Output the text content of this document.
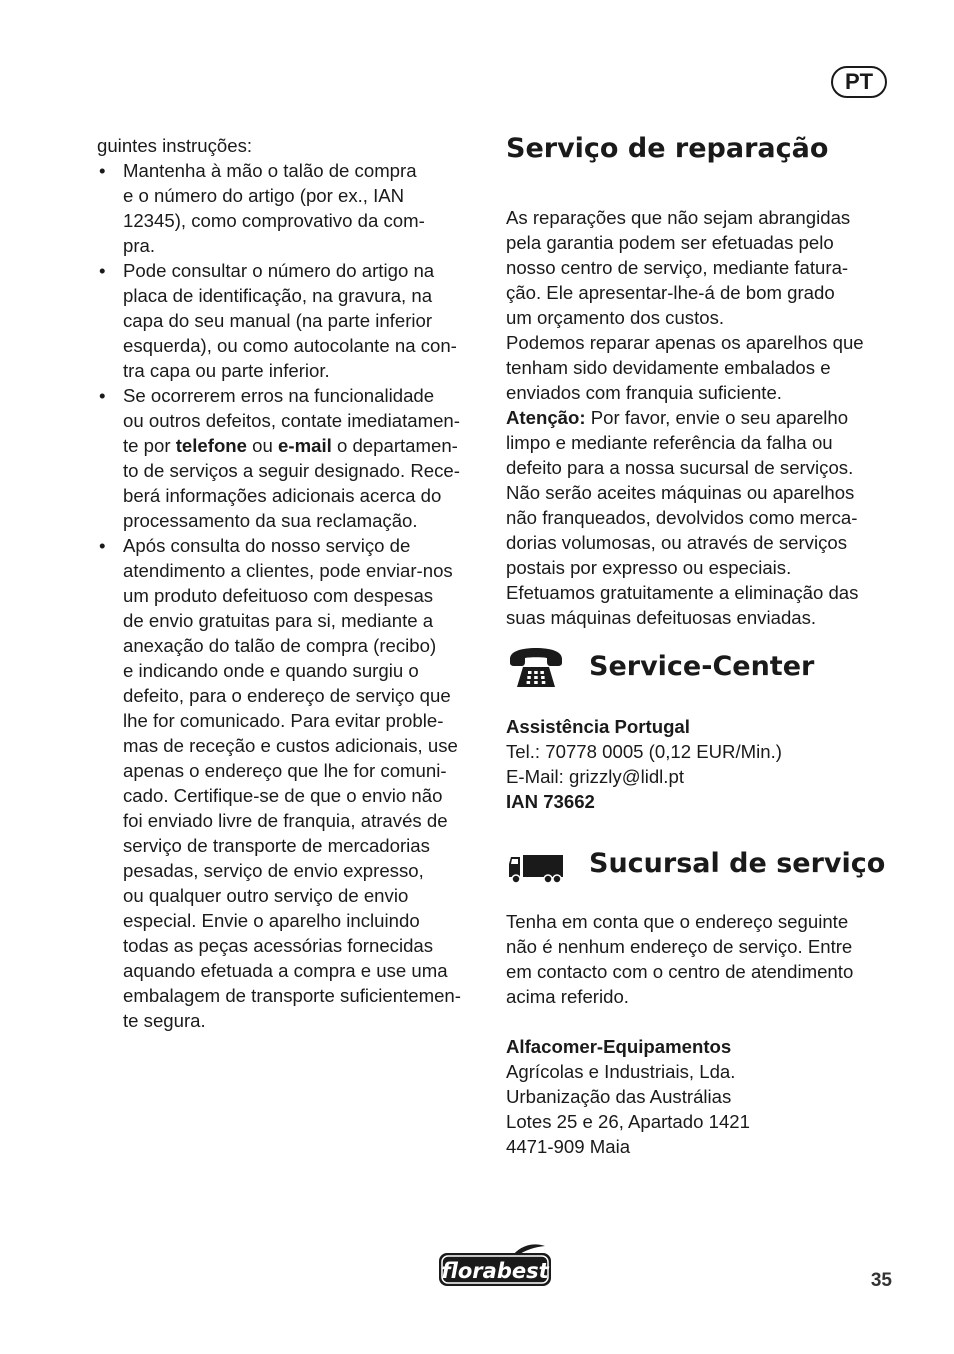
PT

guintes instruções:

• Mantenha à mão o talão de compra
e o número do artigo (por ex., IAN
12345), como comprovativo da com-
pra.
• Pode consultar o número do artigo na
placa de identificação, na gravura, na
capa do seu manual (na parte inferior
esquerda), ou como autocolante na con-
tra capa ou parte inferior.
• Se ocorrerem erros na funcionalidade
ou outros defeitos, contate imediatamen-
te por telefone ou e-mail o departamen-
to de serviços a seguir designado. Rece-
berá informações adicionais acerca do
processamento da sua reclamação.
• Após consulta do nosso serviço de
atendimento a clientes, pode enviar-nos
um produto defeituoso com despesas
de envio gratuitas para si, mediante a
anexação do talão de compra (recibo)
e indicando onde e quando surgiu o
defeito, para o endereço de serviço que
lhe for comunicado. Para evitar proble-
mas de receção e custos adicionais, use
apenas o endereço que lhe for comuni-
cado. Certifique-se de que o envio não
foi enviado livre de franquia, através de
serviço de transporte de mercadorias
pesadas, serviço de envio expresso,
ou qualquer outro serviço de envio
especial. Envie o aparelho incluindo
todas as peças acessórias fornecidas
aquando efetuada a compra e use uma
embalagem de transporte suficientemen-
te segura.
Serviço de reparação
As reparações que não sejam abrangidas
pela garantia podem ser efetuadas pelo
nosso centro de serviço, mediante fatura-
ção. Ele apresentar-lhe-á de bom grado
um orçamento dos custos.
Podemos reparar apenas os aparelhos que
tenham sido devidamente embalados e
enviados com franquia suficiente.
Atenção: Por favor, envie o seu aparelho
limpo e mediante referência da falha ou
defeito para a nossa sucursal de serviços.
Não serão aceites máquinas ou aparelhos
não franqueados, devolvidos como merca-
dorias volumosas, ou através de serviços
postais por expresso ou especiais.
Efetuamos gratuitamente a eliminação das
suas máquinas defeituosas enviadas.
Service-Center
Assistência Portugal
Tel.: 70778 0005 (0,12 EUR/Min.)
E-Mail: grizzly@lidl.pt
IAN 73662
Sucursal de serviço
Tenha em conta que o endereço seguinte
não é nenhum endereço de serviço. Entre
em contacto com o centro de atendimento
acima referido.
Alfacomer-Equipamentos
Agrícolas e Industriais, Lda.
Urbanização das Austrálias
Lotes 25 e 26, Apartado 1421
4471-909 Maia
florabest	35
